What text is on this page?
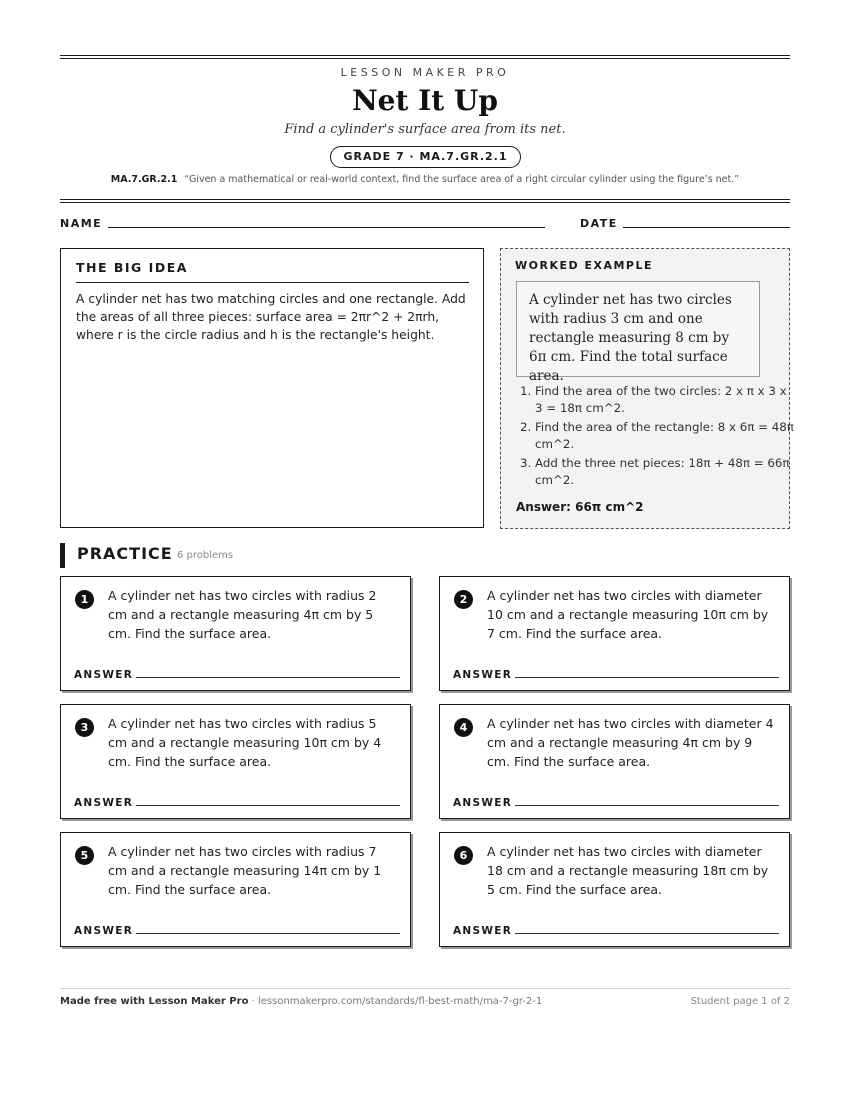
LESSON MAKER PRO
Net It Up
Find a cylinder's surface area from its net.
GRADE 7 · MA.7.GR.2.1
MA.7.GR.2.1 “Given a mathematical or real-world context, find the surface area of a right circular cylinder using the figure’s net.”
NAME	DATE
THE BIG IDEA

A cylinder net has two matching circles and one rectangle. Add the areas of all three pieces: surface area = 2πr^2 + 2πrh, where r is the circle radius and h is the rectangle's height.

WORKED EXAMPLE
A cylinder net has two circles with radius 3 cm and one rectangle measuring 8 cm by 6π cm. Find the total surface area.
1. Find the area of the two circles: 2 x π x 3 x 3 = 18π cm^2.
2. Find the area of the rectangle: 8 x 6π = 48π cm^2.
3. Add the three net pieces: 18π + 48π = 66π cm^2.
Answer: 66π cm^2
PRACTICE 6 problems
1	A cylinder net has two circles with radius 2 cm and a rectangle measuring 4π cm by 5 cm. Find the surface area.
ANSWER
2	A cylinder net has two circles with diameter 10 cm and a rectangle measuring 10π cm by 7 cm. Find the surface area.
ANSWER
3	A cylinder net has two circles with radius 5 cm and a rectangle measuring 10π cm by 4 cm. Find the surface area.
ANSWER
4	A cylinder net has two circles with diameter 4 cm and a rectangle measuring 4π cm by 9 cm. Find the surface area.
ANSWER
5	A cylinder net has two circles with radius 7 cm and a rectangle measuring 14π cm by 1 cm. Find the surface area.
ANSWER
6	A cylinder net has two circles with diameter 18 cm and a rectangle measuring 18π cm by 5 cm. Find the surface area.
ANSWER
Made free with Lesson Maker Pro · lessonmakerpro.com/standards/fl-best-math/ma-7-gr-2-1	Student page 1 of 2
